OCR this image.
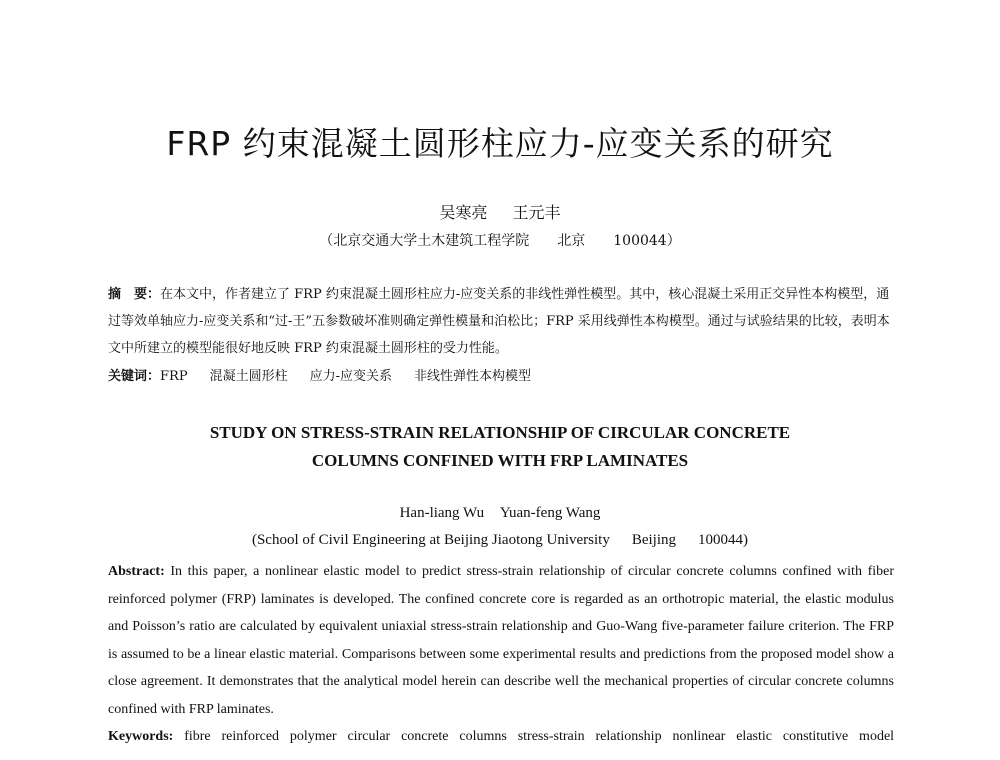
FRP 约束混凝土圆形柱应力-应变关系的研究
吴寒亮 王元丰
（北京交通大学土木建筑工程学院　　北京　　100044）
摘　要：在本文中，作者建立了 FRP 约束混凝土圆形柱应力-应变关系的非线性弹性模型。其中，核心混凝土采用正交异性本构模型，通过等效单轴应力-应变关系和“过-王”五参数破坏准则确定弹性模量和泊松比；FRP 采用线弹性本构模型。通过与试验结果的比较，表明本文中所建立的模型能很好地反映 FRP 约束混凝土圆形柱的受力性能。
关键词：FRP 混凝土圆形柱 应力-应变关系 非线性弹性本构模型
STUDY ON STRESS-STRAIN RELATIONSHIP OF CIRCULAR CONCRETE
COLUMNS CONFINED WITH FRP LAMINATES
Han-liang Wu Yuan-feng Wang
(School of Civil Engineering at Beijing Jiaotong University Beijing 100044)
Abstract: In this paper, a nonlinear elastic model to predict stress-strain relationship of circular concrete columns confined with fiber reinforced polymer (FRP) laminates is developed. The confined concrete core is regarded as an orthotropic material, the elastic modulus and Poisson’s ratio are calculated by equivalent uniaxial stress-strain relationship and Guo-Wang five-parameter failure criterion. The FRP is assumed to be a linear elastic material. Comparisons between some experimental results and predictions from the proposed model show a close agreement. It demonstrates that the analytical model herein can describe well the mechanical properties of circular concrete columns confined with FRP laminates.
Keywords: fibre reinforced polymer circular concrete columns stress-strain relationship nonlinear elastic constitutive model
